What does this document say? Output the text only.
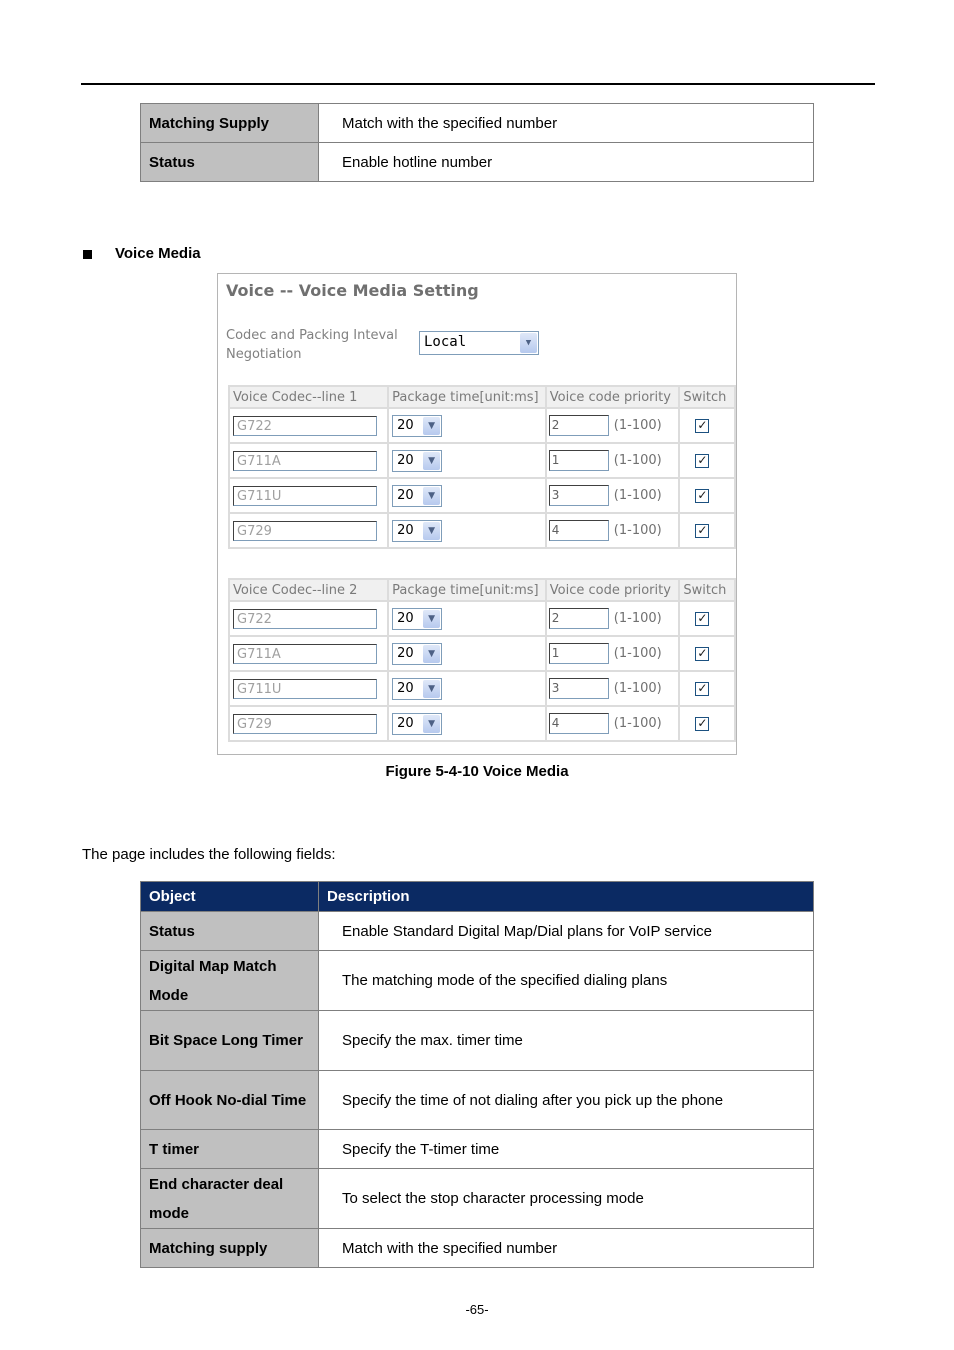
Matching Supply	Match with the specified number
Status	Enable hotline number
Voice Media
Voice -- Voice Media Setting
Codec and Packing Inteval Negotiation
Local	▼
Voice Codec--line 1	Package time[unit:ms]	Voice code priority	Switch

G722	20 ▼	2 (1-100)	✓

G711A	20 ▼	1 (1-100)	✓

G711U	20 ▼	3 (1-100)	✓

G729	20 ▼	4 (1-100)	✓
Voice Codec--line 2	Package time[unit:ms]	Voice code priority	Switch

G722	20 ▼	2 (1-100)	✓

G711A	20 ▼	1 (1-100)	✓

G711U	20 ▼	3 (1-100)	✓

G729	20 ▼	4 (1-100)	✓
Figure 5-4-10 Voice Media
The page includes the following fields:
Object	Description
Status	Enable Standard Digital Map/Dial plans for VoIP service
Digital Map Match Mode	The matching mode of the specified dialing plans
Bit Space Long Timer	Specify the max. timer time
Off Hook No-dial Time	Specify the time of not dialing after you pick up the phone
T timer	Specify the T-timer time
End character deal mode	To select the stop character processing mode
Matching supply	Match with the specified number
-65-
